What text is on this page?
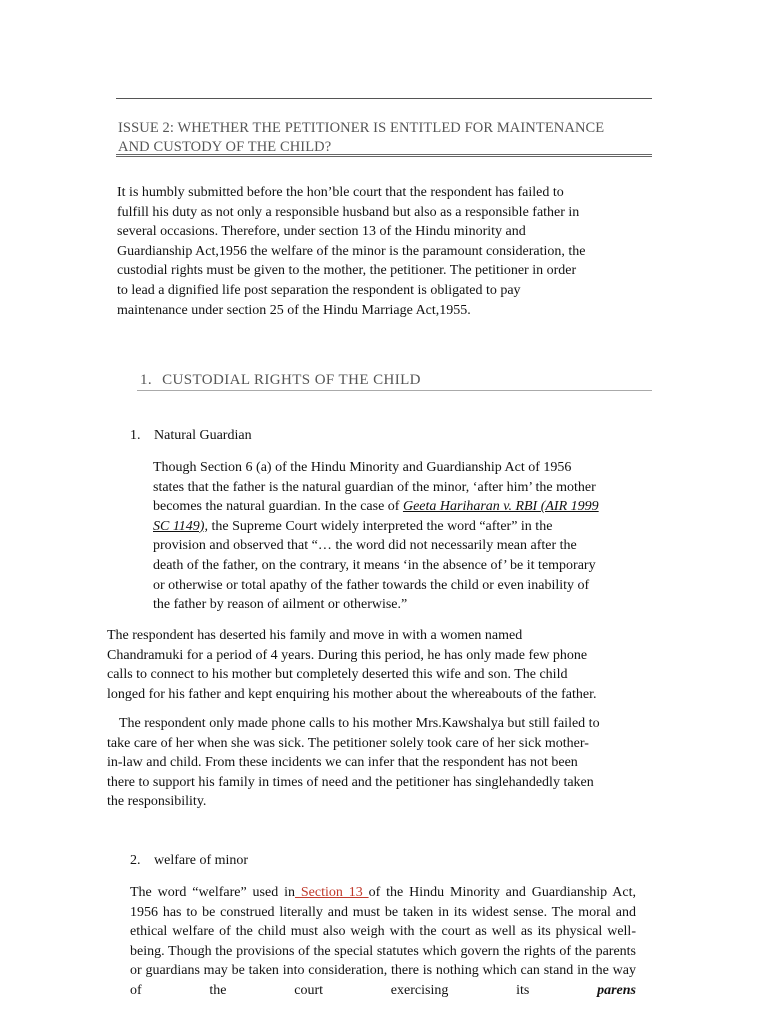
ISSUE 2: WHETHER THE PETITIONER IS ENTITLED FOR MAINTENANCE
AND CUSTODY OF THE CHILD?
It is humbly submitted before the hon’ble court that the respondent has failed to
fulfill his duty as not only a responsible husband but also as a responsible father in
several occasions. Therefore, under section 13 of the Hindu minority and
Guardianship Act,1956 the welfare of the minor is the paramount consideration, the
custodial rights must be given to the mother, the petitioner. The petitioner in order
to lead a dignified life post separation the respondent is obligated to pay
maintenance under section 25 of the Hindu Marriage Act,1955.
1. CUSTODIAL RIGHTS OF THE CHILD
1. Natural Guardian
Though Section 6 (a) of the Hindu Minority and Guardianship Act of 1956
states that the father is the natural guardian of the minor, ‘after him’ the mother
becomes the natural guardian. In the case of Geeta Hariharan v. RBI (AIR 1999
SC 1149), the Supreme Court widely interpreted the word “after” in the
provision and observed that “… the word did not necessarily mean after the
death of the father, on the contrary, it means ‘in the absence of’ be it temporary
or otherwise or total apathy of the father towards the child or even inability of
the father by reason of ailment or otherwise.”
The respondent has deserted his family and move in with a women named
Chandramuki for a period of 4 years. During this period, he has only made few phone
calls to connect to his mother but completely deserted this wife and son. The child
longed for his father and kept enquiring his mother about the whereabouts of the father.
The respondent only made phone calls to his mother Mrs.Kawshalya but still failed to
take care of her when she was sick. The petitioner solely took care of her sick mother-
in-law and child. From these incidents we can infer that the respondent has not been
there to support his family in times of need and the petitioner has singlehandedly taken
the responsibility.
2. welfare of minor
The word “welfare” used in Section 13 of the Hindu Minority and Guardianship Act, 1956 has to be construed literally and must be taken in its widest sense. The moral and ethical welfare of the child must also weigh with the court as well as its physical well-being. Though the provisions of the special statutes which govern the rights of the parents or guardians may be taken into consideration, there is nothing which can stand in the way of the court exercising its parens
